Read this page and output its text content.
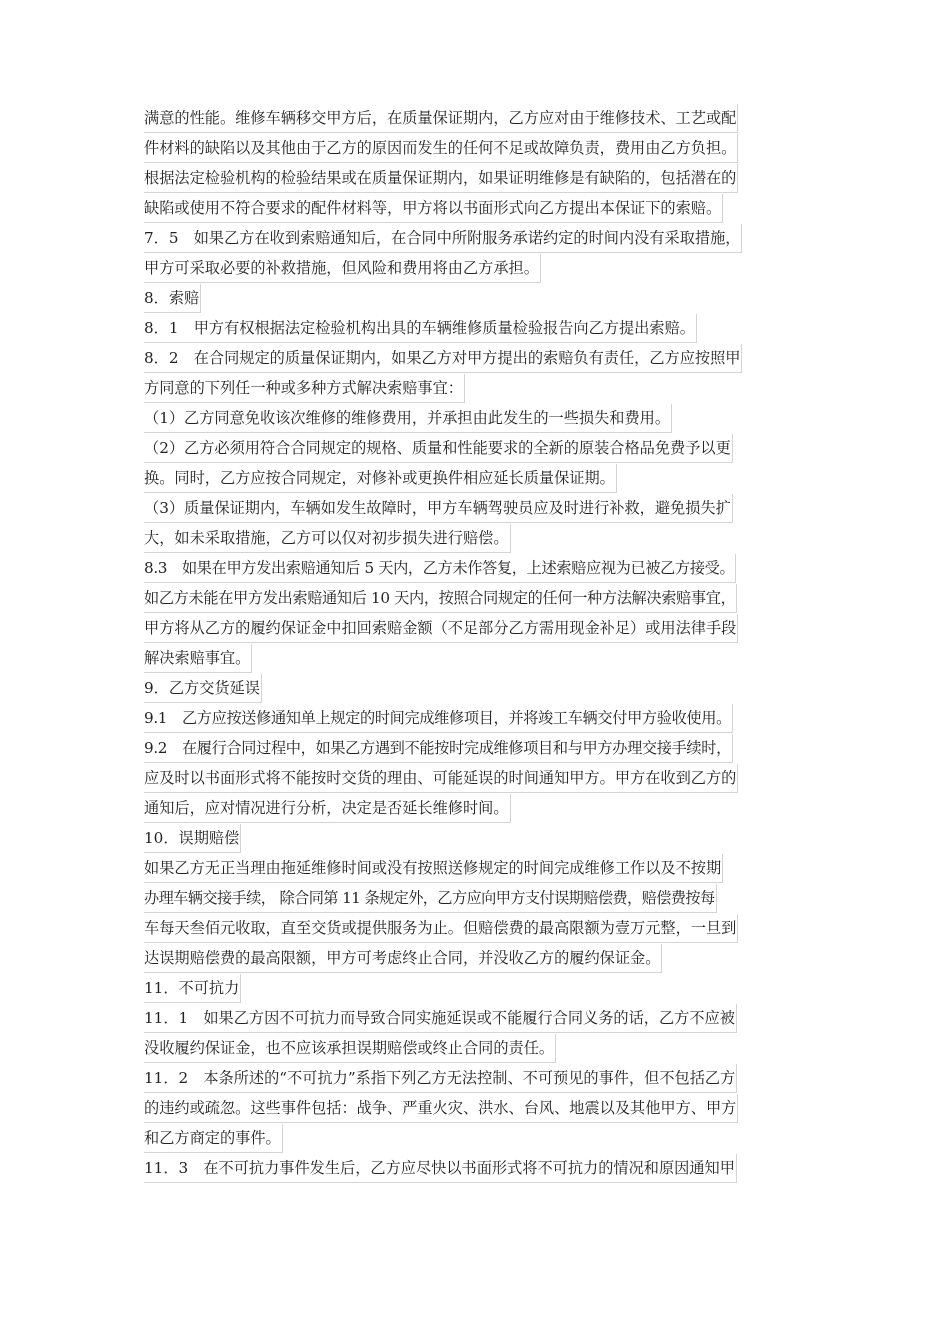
满意的性能。维修车辆移交甲方后，在质量保证期内，乙方应对由于维修技术、工艺或配
件材料的缺陷以及其他由于乙方的原因而发生的任何不足或故障负责，费用由乙方负担。
根据法定检验机构的检验结果或在质量保证期内，如果证明维修是有缺陷的，包括潜在的
缺陷或使用不符合要求的配件材料等，甲方将以书面形式向乙方提出本保证下的索赔。
7．5　如果乙方在收到索赔通知后，在合同中所附服务承诺约定的时间内没有采取措施，
甲方可采取必要的补救措施，但风险和费用将由乙方承担。
8．索赔
8．1　甲方有权根据法定检验机构出具的车辆维修质量检验报告向乙方提出索赔。
8．2　在合同规定的质量保证期内，如果乙方对甲方提出的索赔负有责任，乙方应按照甲
方同意的下列任一种或多种方式解决索赔事宜：
（1）乙方同意免收该次维修的维修费用，并承担由此发生的一些损失和费用。
（2）乙方必须用符合合同规定的规格、质量和性能要求的全新的原装合格品免费予以更
换。同时，乙方应按合同规定，对修补或更换件相应延长质量保证期。
（3）质量保证期内，车辆如发生故障时，甲方车辆驾驶员应及时进行补救，避免损失扩
大，如未采取措施，乙方可以仅对初步损失进行赔偿。
8.3　如果在甲方发出索赔通知后 5 天内，乙方未作答复，上述索赔应视为已被乙方接受。
如乙方未能在甲方发出索赔通知后 10 天内，按照合同规定的任何一种方法解决索赔事宜，
甲方将从乙方的履约保证金中扣回索赔金额（不足部分乙方需用现金补足）或用法律手段
解决索赔事宜。
9．乙方交货延误
9.1　乙方应按送修通知单上规定的时间完成维修项目，并将竣工车辆交付甲方验收使用。
9.2　在履行合同过程中，如果乙方遇到不能按时完成维修项目和与甲方办理交接手续时，
应及时以书面形式将不能按时交货的理由、可能延误的时间通知甲方。甲方在收到乙方的
通知后，应对情况进行分析，决定是否延长维修时间。
10．误期赔偿
如果乙方无正当理由拖延维修时间或没有按照送修规定的时间完成维修工作以及不按期
办理车辆交接手续， 除合同第 11 条规定外，乙方应向甲方支付误期赔偿费，赔偿费按每
车每天叁佰元收取，直至交货或提供服务为止。但赔偿费的最高限额为壹万元整，一旦到
达误期赔偿费的最高限额，甲方可考虑终止合同，并没收乙方的履约保证金。
11．不可抗力
11．1　如果乙方因不可抗力而导致合同实施延误或不能履行合同义务的话，乙方不应被
没收履约保证金，也不应该承担误期赔偿或终止合同的责任。
11．2　本条所述的“不可抗力”系指下列乙方无法控制、不可预见的事件，但不包括乙方
的违约或疏忽。这些事件包括：战争、严重火灾、洪水、台风、地震以及其他甲方、甲方
和乙方商定的事件。
11．3　在不可抗力事件发生后，乙方应尽快以书面形式将不可抗力的情况和原因通知甲
